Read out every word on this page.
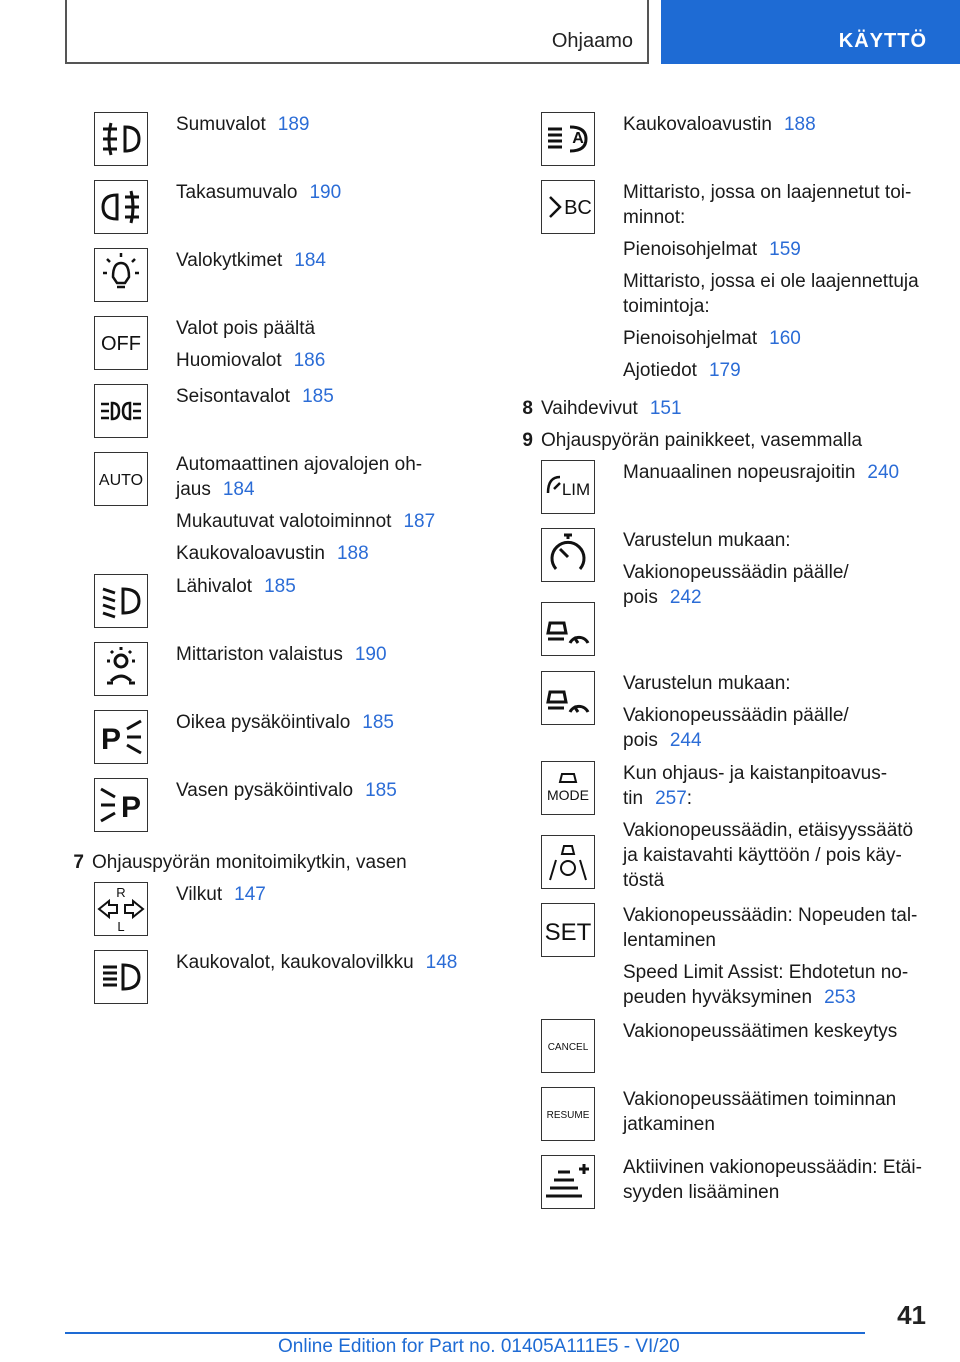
Ohjaamo	KÄYTTÖ

Sumuvalot 189

Takasumuvalo 190

Valokytkimet 184

OFF

Valot pois päältä

Huomiovalot 186

Seisontavalot 185

AUTO

Automaattinen ajovalojen oh- jaus 184

Mukautuvat valotoiminnot 187

Kaukovaloavustin 188

Lähivalot 185

Mittariston valaistus 190

P

Oikea pysäköintivalo 185

P

Vasen pysäköintivalo 185

7 Ohjauspyörän monitoimikytkin, vasen
R
L

Vilkut 147

Kaukovalot, kaukovalovilkku 148

A

Kaukovaloavustin 188

BC

Mittaristo, jossa on laajennetut toi- minnot:

Pienoisohjelmat 159

Mittaristo, jossa ei ole laajennettuja toimintoja:

Pienoisohjelmat 160

Ajotiedot 179

8 Vaihdevivut 151
9 Ohjauspyörän painikkeet, vasemmalla
LIM

Manuaalinen nopeusrajoitin 240

Varustelun mukaan:

Vakionopeussäädin päälle/ pois 242

Varustelun mukaan:

Vakionopeussäädin päälle/ pois 244

MODE

Kun ohjaus- ja kaistanpitoavus- tin 257:

Vakionopeussäädin, etäisyyssäätö ja kaistavahti käyttöön / pois käy- töstä

SET

Vakionopeussäädin: Nopeuden tal- lentaminen

Speed Limit Assist: Ehdotetun no- peuden hyväksyminen 253

CANCEL

Vakionopeussäätimen keskeytys

RESUME

Vakionopeussäätimen toiminnan jatkaminen

Aktiivinen vakionopeussäädin: Etäi- syyden lisääminen

41
Online Edition for Part no. 01405A111E5 - VI/20
